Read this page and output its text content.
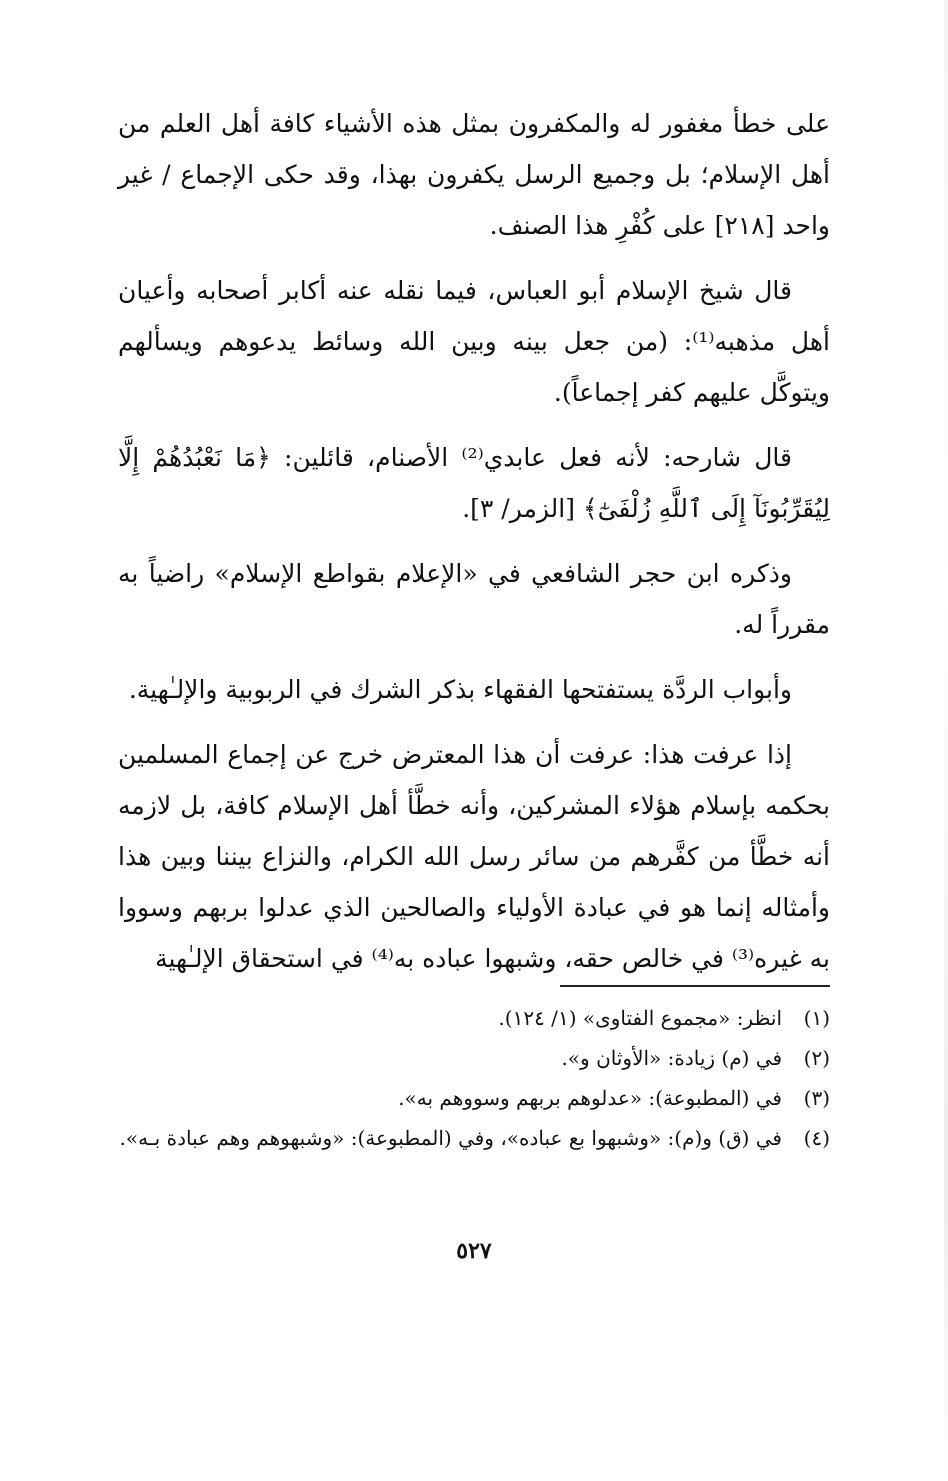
على خطأ مغفور له والمكفرون بمثل هذه الأشياء كافة أهل العلم من أهل الإسلام؛ بل وجميع الرسل يكفرون بهذا، وقد حكى الإجماع / غير واحد [٢١٨] على كُفْرِ هذا الصنف.

قال شيخ الإسلام أبو العباس، فيما نقله عنه أكابر أصحابه وأعيان أهل مذهبه⁽¹⁾: (من جعل بينه وبين الله وسائط يدعوهم ويسألهم ويتوكَّل عليهم كفر إجماعاً).

قال شارحه: لأنه فعل عابدي⁽²⁾ الأصنام، قائلين: ﴿مَا نَعْبُدُهُمْ إِلَّا لِيُقَرِّبُونَآ إِلَى ٱللَّهِ زُلْفَىٰٓ﴾ [الزمر/ ٣].

وذكره ابن حجر الشافعي في «الإعلام بقواطع الإسلام» راضياً به مقرراً له.

وأبواب الردَّة يستفتحها الفقهاء بذكر الشرك في الربوبية والإلـٰهية.

إذا عرفت هذا: عرفت أن هذا المعترض خرج عن إجماع المسلمين بحكمه بإسلام هؤلاء المشركين، وأنه خطَّأ أهل الإسلام كافة، بل لازمه أنه خطَّأ من كفَّرهم من سائر رسل الله الكرام، والنزاع بيننا وبين هذا وأمثاله إنما هو في عبادة الأولياء والصالحين الذي عدلوا بربهم وسووا به غيره⁽³⁾ في خالص حقه، وشبهوا عباده به⁽⁴⁾ في استحقاق الإلـٰهية

(١)
انظر: «مجموع الفتاوى» (١/ ١٢٤).
(٢)
في (م) زيادة: «الأوثان و».
(٣)
في (المطبوعة): «عدلوهم بربهم وسووهم به».
(٤)
في (ق) و(م): «وشبهوا بع عباده»، وفي (المطبوعة): «وشبهوهم وهم عبادة بـه».
٥٢٧
